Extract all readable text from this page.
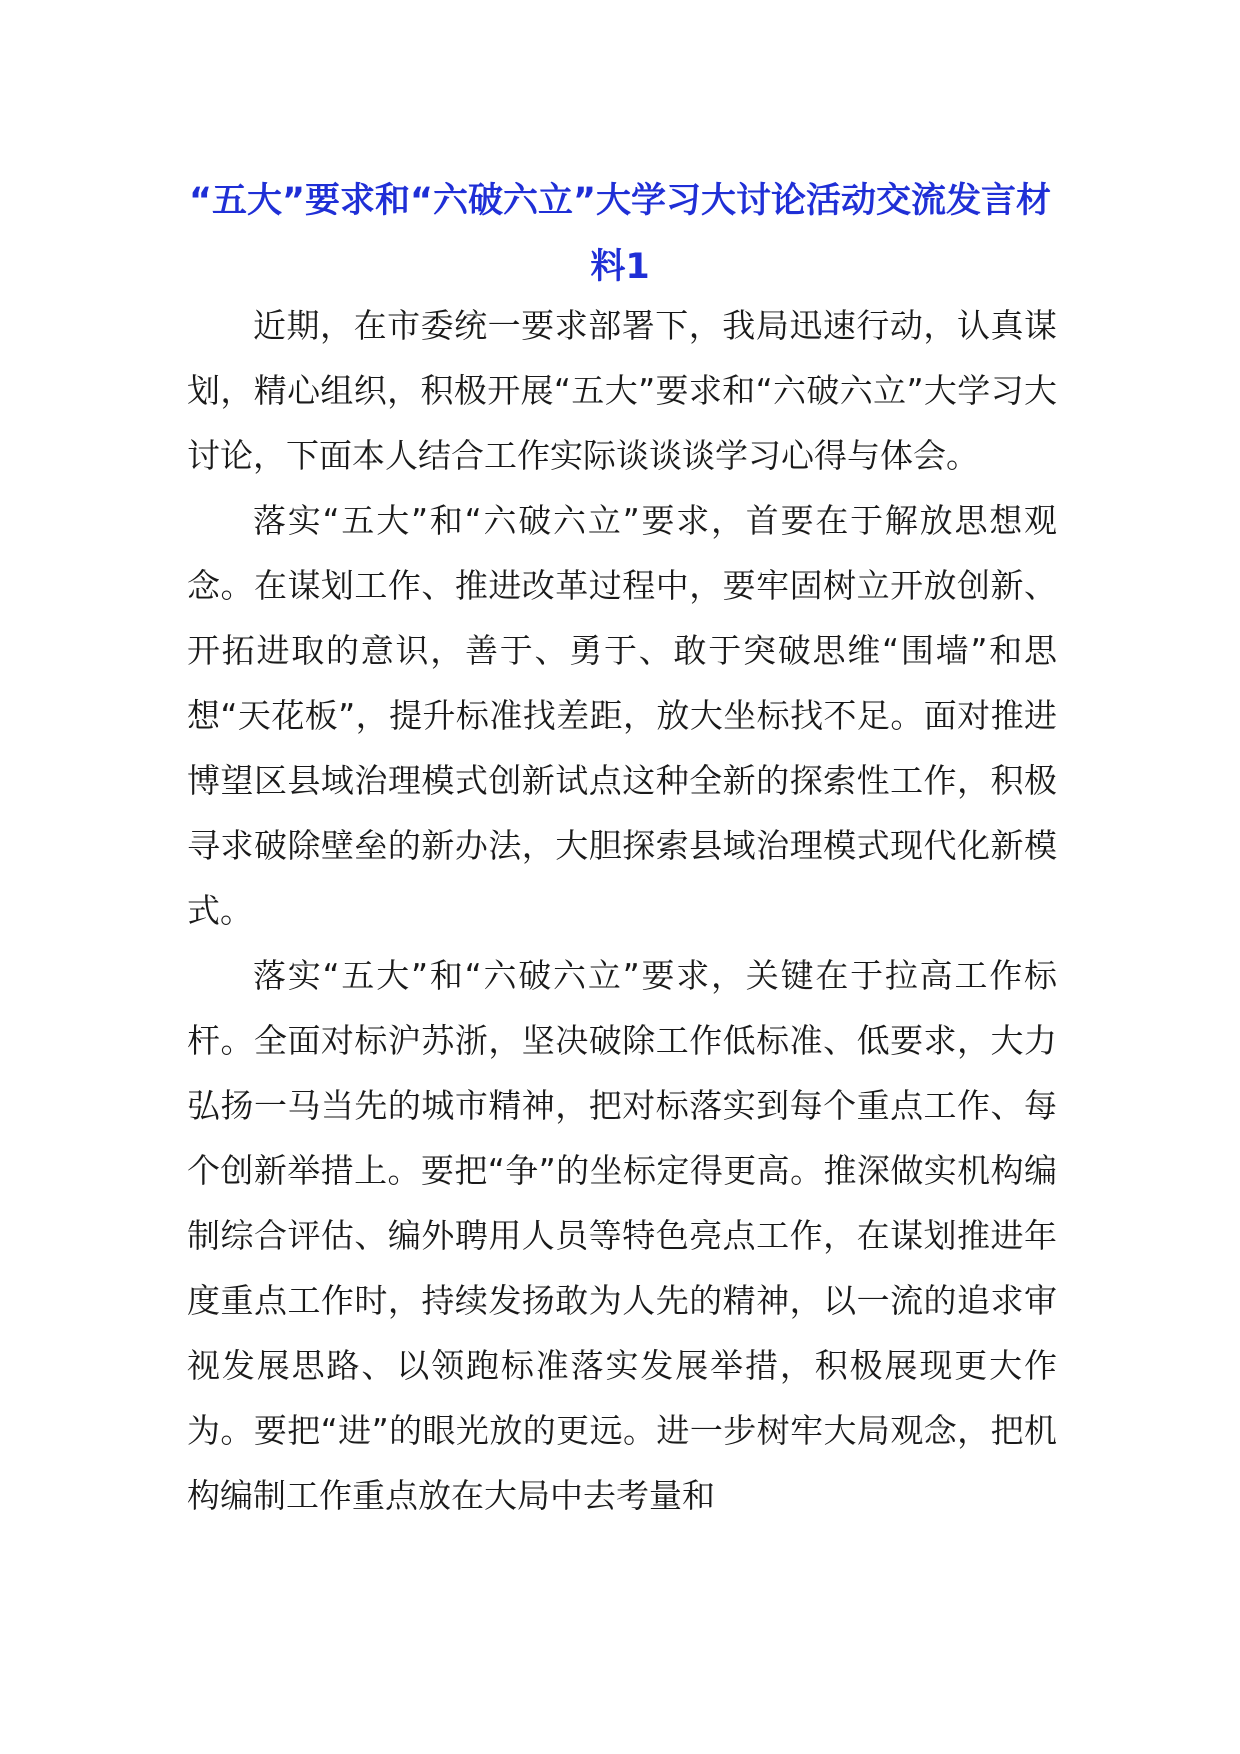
“五大”要求和“六破六立”大学习大讨论活动交流发言材料1

近期，在市委统一要求部署下，我局迅速行动，认真谋划，精心组织，积极开展“五大”要求和“六破六立”大学习大讨论，下面本人结合工作实际谈谈谈学习心得与体会。

落实“五大”和“六破六立”要求，首要在于解放思想观念。在谋划工作、推进改革过程中，要牢固树立开放创新、开拓进取的意识，善于、勇于、敢于突破思维“围墙”和思想“天花板”，提升标准找差距，放大坐标找不足。面对推进博望区县域治理模式创新试点这种全新的探索性工作，积极寻求破除壁垒的新办法，大胆探索县域治理模式现代化新模式。

落实“五大”和“六破六立”要求，关键在于拉高工作标杆。全面对标沪苏浙，坚决破除工作低标准、低要求，大力弘扬一马当先的城市精神，把对标落实到每个重点工作、每个创新举措上。要把“争”的坐标定得更高。推深做实机构编制综合评估、编外聘用人员等特色亮点工作，在谋划推进年度重点工作时，持续发扬敢为人先的精神，以一流的追求审视发展思路、以领跑标准落实发展举措，积极展现更大作为。要把“进”的眼光放的更远。进一步树牢大局观念，把机构编制工作重点放在大局中去考量和
